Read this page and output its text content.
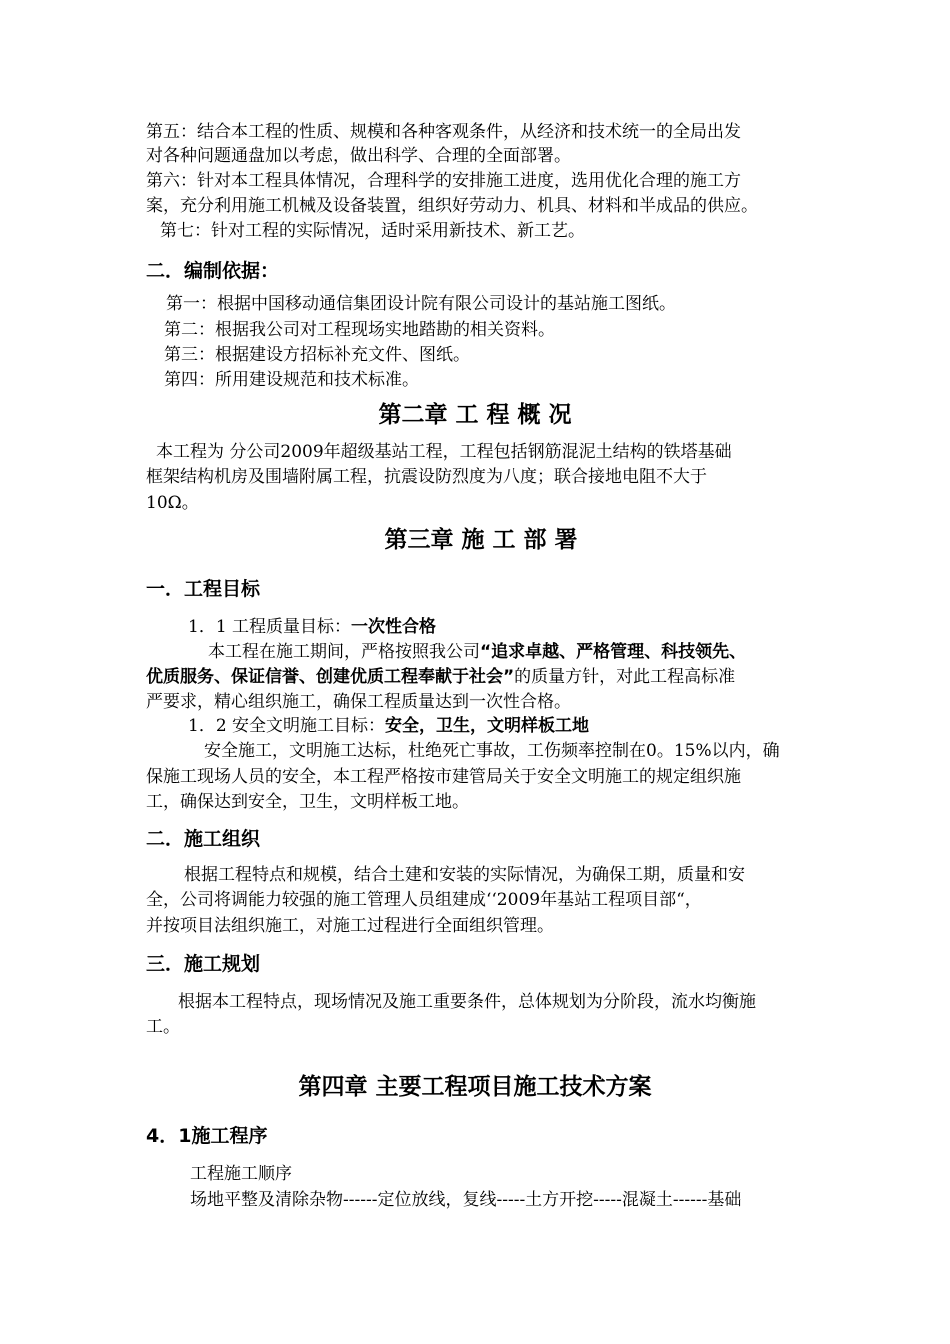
第五：结合本工程的性质、规模和各种客观条件，从经济和技术统一的全局出发
对各种问题通盘加以考虑，做出科学、合理的全面部署。
第六：针对本工程具体情况，合理科学的安排施工进度，选用优化合理的施工方
案，充分利用施工机械及设备装置，组织好劳动力、机具、材料和半成品的供应。
第七：针对工程的实际情况，适时采用新技术、新工艺。
二．编制依据：
第一：根据中国移动通信集团设计院有限公司设计的基站施工图纸。
第二：根据我公司对工程现场实地踏勘的相关资料。
第三：根据建设方招标补充文件、图纸。
第四：所用建设规范和技术标准。
第二章 工 程 概 况
本工程为 分公司2009年超级基站工程，工程包括钢筋混泥土结构的铁塔基础
框架结构机房及围墙附属工程，抗震设防烈度为八度；联合接地电阻不大于
10Ω。
第三章 施 工 部 署
一．工程目标
1．1 工程质量目标：一次性合格
本工程在施工期间，严格按照我公司“追求卓越、严格管理、科技领先、
优质服务、保证信誉、创建优质工程奉献于社会”的质量方针，对此工程高标准
严要求，精心组织施工，确保工程质量达到一次性合格。
1．2 安全文明施工目标：安全，卫生，文明样板工地
安全施工，文明施工达标，杜绝死亡事故，工伤频率控制在0。15%以内，确
保施工现场人员的安全，本工程严格按市建管局关于安全文明施工的规定组织施
工，确保达到安全，卫生，文明样板工地。
二．施工组织
根据工程特点和规模，结合土建和安装的实际情况，为确保工期，质量和安
全，公司将调能力较强的施工管理人员组建成‘‘2009年基站工程项目部“，
并按项目法组织施工，对施工过程进行全面组织管理。
三．施工规划
根据本工程特点，现场情况及施工重要条件，总体规划为分阶段，流水均衡施
工。
第四章 主要工程项目施工技术方案
4．1施工程序
工程施工顺序
场地平整及清除杂物------定位放线，复线-----土方开挖-----混凝土------基础
